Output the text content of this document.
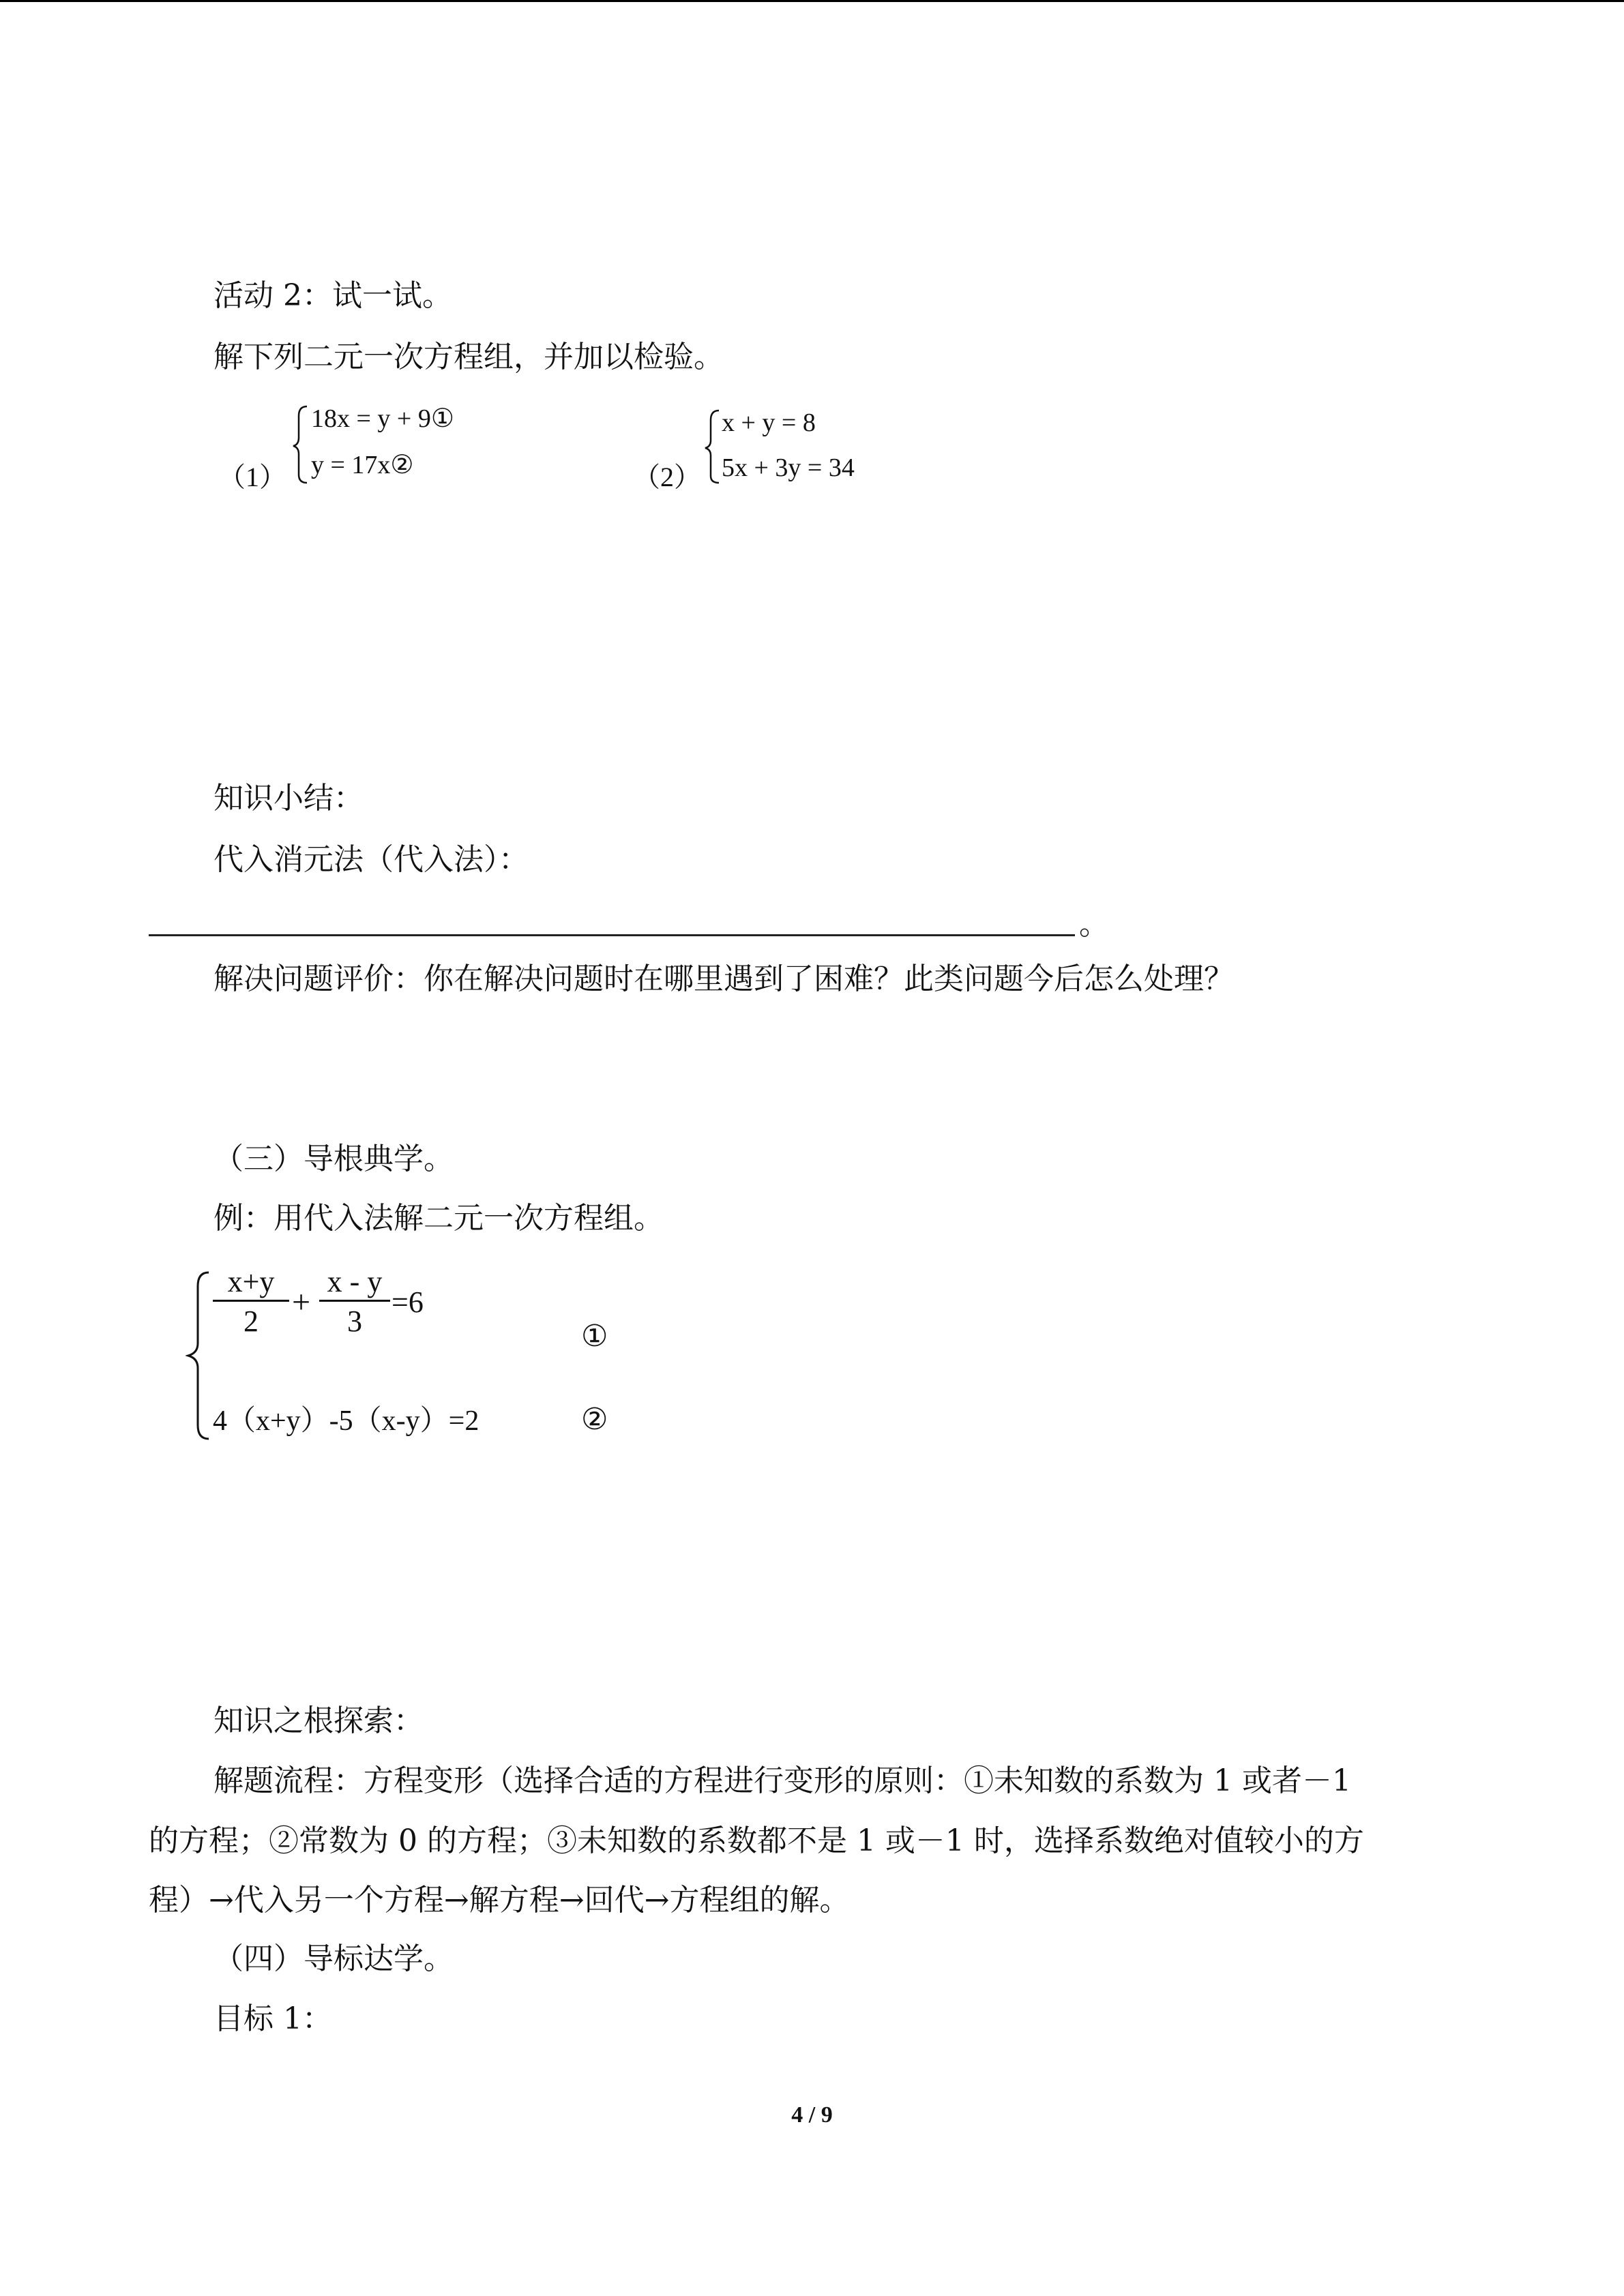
活动 2：试一试。
解下列二元一次方程组，并加以检验。
（1）
18x = y + 9①
y = 17x②	（2）
x + y = 8
5x + 3y = 34
知识小结：
代入消元法（代入法）：
。
解决问题评价：你在解决问题时在哪里遇到了困难？此类问题今后怎么处理？
（三）导根典学。
例：用代入法解二元一次方程组。
$\frac{x+y}{2} + \frac{x - y}{3} =6$
①
4（x+y）-5（x-y）=2	②
知识之根探索：
解题流程：方程变形（选择合适的方程进行变形的原则：①未知数的系数为 1 或者－1
的方程；②常数为 0 的方程；③未知数的系数都不是 1 或－1 时，选择系数绝对值较小的方
程）→代入另一个方程→解方程→回代→方程组的解。
（四）导标达学。
目标 1：
4 / 9
